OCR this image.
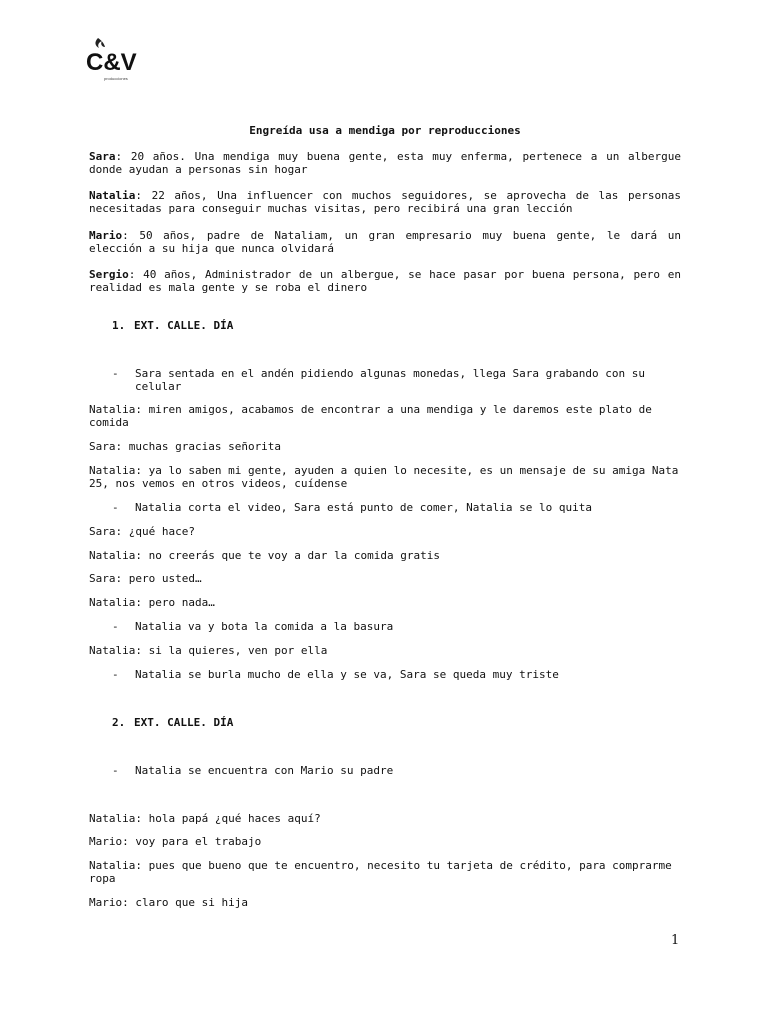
C&V
producciones
Engreída usa a mendiga por reproducciones
Sara: 20 años. Una mendiga muy buena gente, esta muy enferma, pertenece a un albergue donde ayudan a personas sin hogar
Natalia: 22 años, Una influencer con muchos seguidores, se aprovecha de las personas necesitadas para conseguir muchas visitas, pero recibirá una gran lección
Mario: 50 años, padre de Nataliam, un gran empresario muy buena gente, le dará un elección a su hija que nunca olvidará
Sergio: 40 años, Administrador de un albergue, se hace pasar por buena persona, pero en realidad es mala gente y se roba el dinero
1. EXT. CALLE. DÍA
- Sara sentada en el andén pidiendo algunas monedas, llega Sara grabando con su celular
Natalia: miren amigos, acabamos de encontrar a una mendiga y le daremos este plato de comida
Sara: muchas gracias señorita
Natalia: ya lo saben mi gente, ayuden a quien lo necesite, es un mensaje de su amiga Nata 25, nos vemos en otros videos, cuídense
- Natalia corta el video, Sara está punto de comer, Natalia se lo quita
Sara: ¿qué hace?
Natalia: no creerás que te voy a dar la comida gratis
Sara: pero usted…
Natalia: pero nada…
- Natalia va y bota la comida a la basura
Natalia: si la quieres, ven por ella
- Natalia se burla mucho de ella y se va, Sara se queda muy triste
2. EXT. CALLE. DÍA
- Natalia se encuentra con Mario su padre
Natalia: hola papá ¿qué haces aquí?
Mario: voy para el trabajo
Natalia: pues que bueno que te encuentro, necesito tu tarjeta de crédito, para comprarme ropa
Mario: claro que si hija
1
